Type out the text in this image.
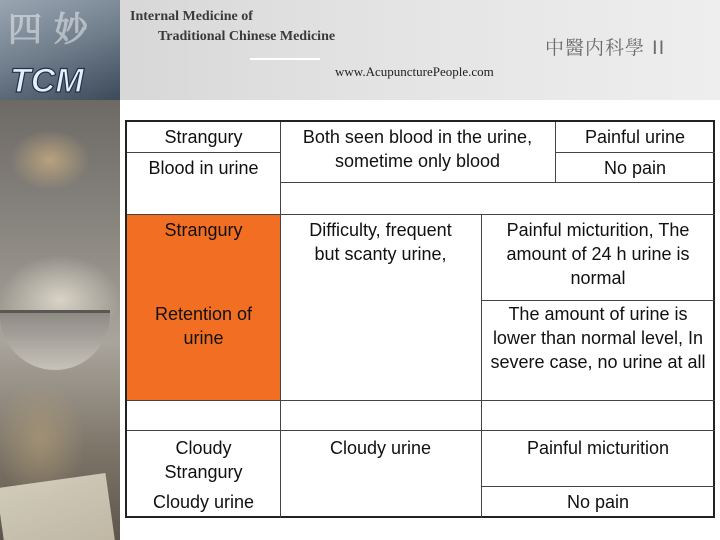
四 妙
TCM
Internal Medicine of
Traditional Chinese Medicine
www.AcupuncturePeople.com
中醫内科學 II
Strangury
Blood in urine
Both seen blood in the urine, sometime only blood
Painful urine
No pain
Strangury	Difficulty, frequent but scanty urine,
Painful micturition, The amount of 24 h urine is normal
Retention of urine
The amount of urine is lower than normal level, In severe case, no urine at all
Cloudy Strangury
Cloudy urine
Cloudy urine	Painful micturition
No pain
